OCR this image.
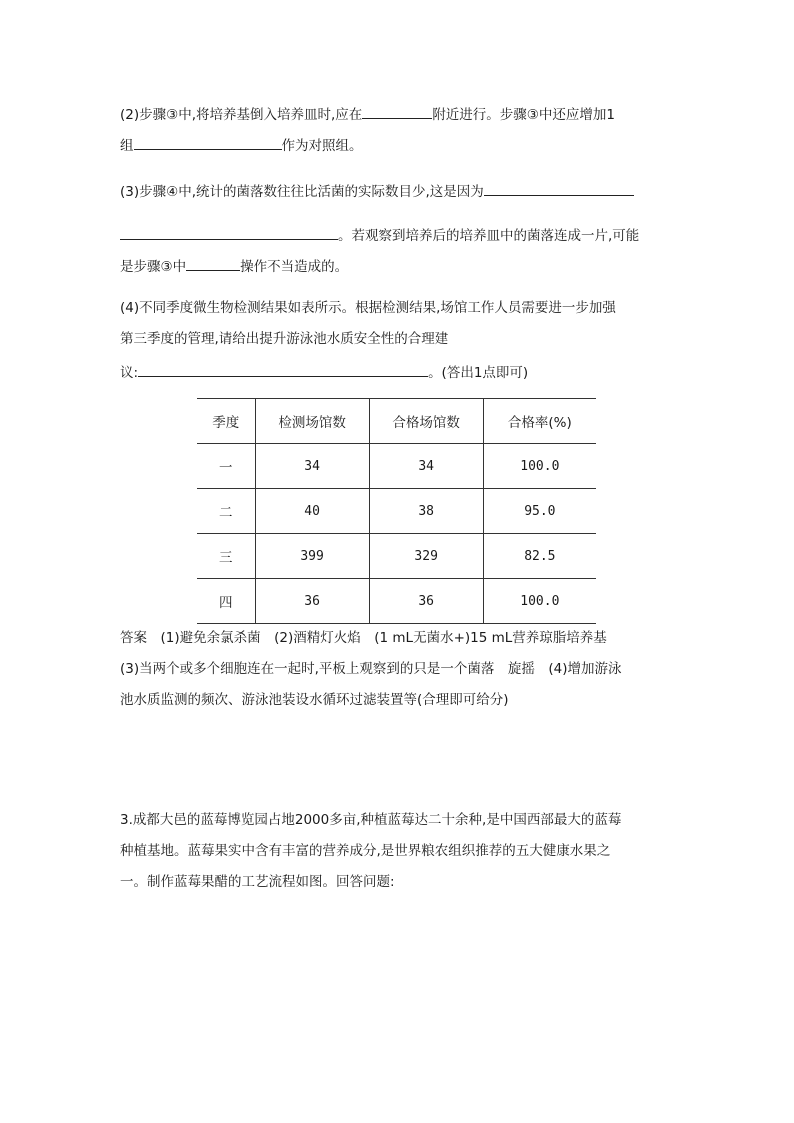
(2)步骤③中,将培养基倒入培养皿时,应在	附近进行。步骤③中还应增加1
组	作为对照组。
(3)步骤④中,统计的菌落数往往比活菌的实际数目少,这是因为
。若观察到培养后的培养皿中的菌落连成一片,可能
是步骤③中	操作不当造成的。
(4)不同季度微生物检测结果如表所示。根据检测结果,场馆工作人员需要进一步加强
第三季度的管理,请给出提升游泳池水质安全性的合理建
议:	。(答出1点即可)
季度	检测场馆数	合格场馆数	合格率(%)
一	34	34	100.0
二	40	38	95.0
三	399	329	82.5
四	36	36	100.0
答案　(1)避免余氯杀菌　(2)酒精灯火焰　(1 mL无菌水+)15 mL营养琼脂培养基
(3)当两个或多个细胞连在一起时,平板上观察到的只是一个菌落　旋摇　(4)增加游泳
池水质监测的频次、游泳池装设水循环过滤装置等(合理即可给分)
3.成都大邑的蓝莓博览园占地2000多亩,种植蓝莓达二十余种,是中国西部最大的蓝莓
种植基地。蓝莓果实中含有丰富的营养成分,是世界粮农组织推荐的五大健康水果之
一。制作蓝莓果醋的工艺流程如图。回答问题:
